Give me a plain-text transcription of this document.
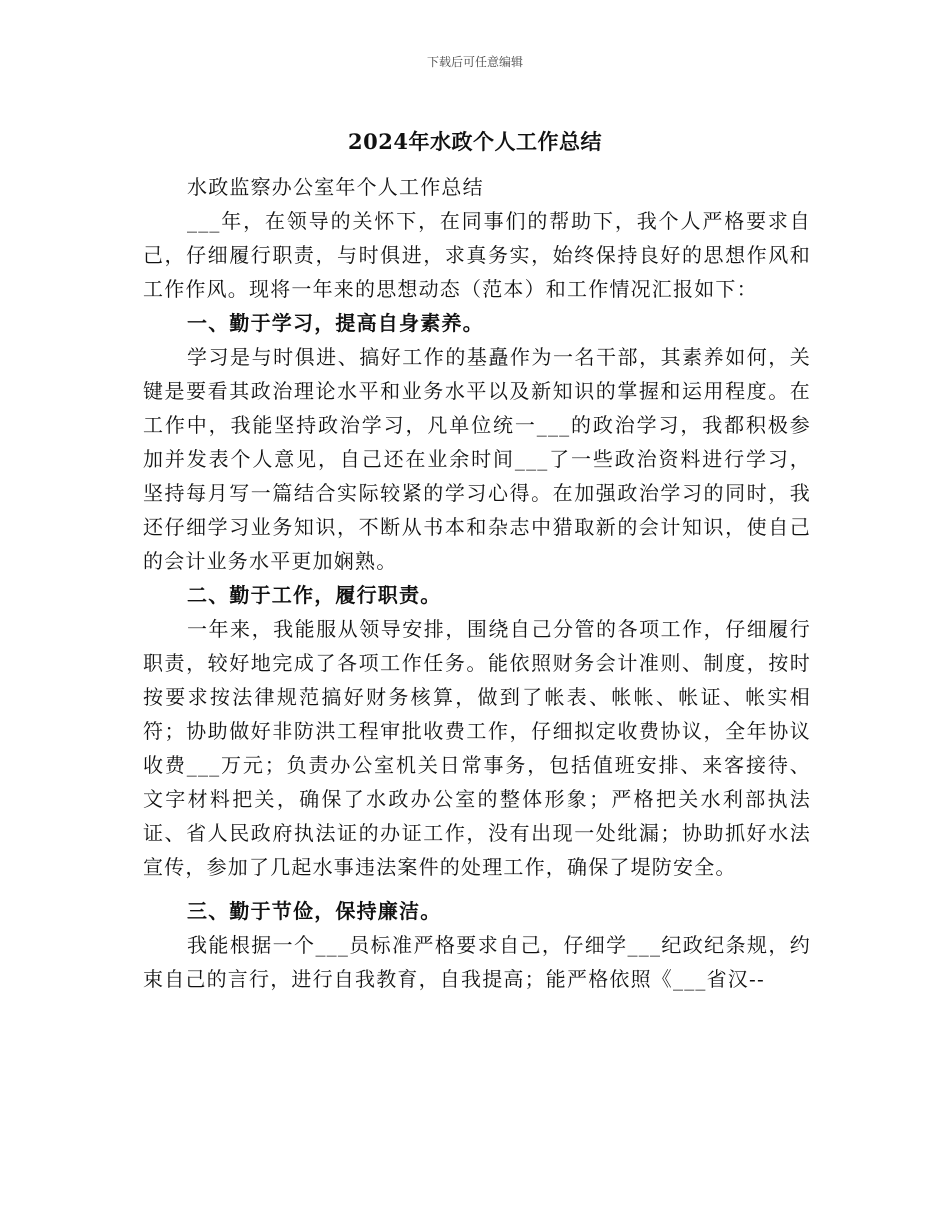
下载后可任意编辑
2024年水政个人工作总结

水政监察办公室年个人工作总结

___年，在领导的关怀下，在同事们的帮助下，我个人严格要求自己，仔细履行职责，与时俱进，求真务实，始终保持良好的思想作风和工作作风。现将一年来的思想动态（范本）和工作情况汇报如下：

一、勤于学习，提高自身素养。

学习是与时俱进、搞好工作的基矗作为一名干部，其素养如何，关键是要看其政治理论水平和业务水平以及新知识的掌握和运用程度。在工作中，我能坚持政治学习，凡单位统一___的政治学习，我都积极参加并发表个人意见，自己还在业余时间___了一些政治资料进行学习，坚持每月写一篇结合实际较紧的学习心得。在加强政治学习的同时，我还仔细学习业务知识，不断从书本和杂志中猎取新的会计知识，使自己的会计业务水平更加娴熟。

二、勤于工作，履行职责。

一年来，我能服从领导安排，围绕自己分管的各项工作，仔细履行职责，较好地完成了各项工作任务。能依照财务会计准则、制度，按时按要求按法律规范搞好财务核算，做到了帐表、帐帐、帐证、帐实相符；协助做好非防洪工程审批收费工作，仔细拟定收费协议，全年协议收费___万元；负责办公室机关日常事务，包括值班安排、来客接待、文字材料把关，确保了水政办公室的整体形象；严格把关水利部执法证、省人民政府执法证的办证工作，没有出现一处纰漏；协助抓好水法宣传，参加了几起水事违法案件的处理工作，确保了堤防安全。

三、勤于节俭，保持廉洁。

我能根据一个___员标准严格要求自己，仔细学___纪政纪条规，约束自己的言行，进行自我教育，自我提高；能严格依照《___省汉--
